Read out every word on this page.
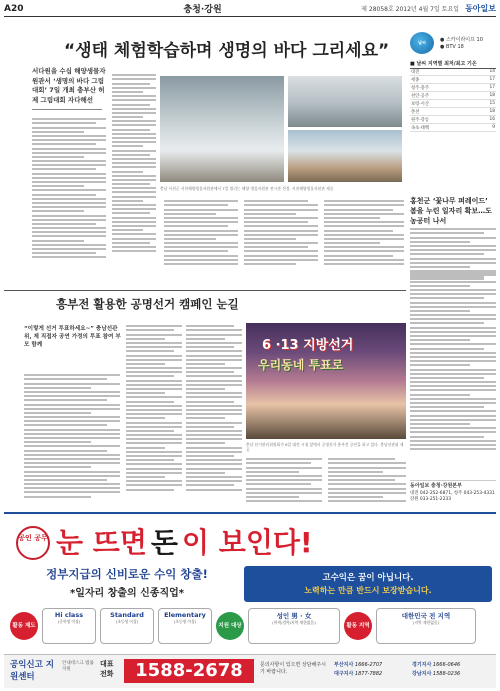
A20	충청·강원	제 28058호 2012년 4월 7일 토요일 동아일보
“생태 체험학습하며 생명의 바다 그리세요”
서다원을 수십 해양생물자원관서 ‘생명의 바다 그림대회’ 7일 개최 충부산 허제 그림대회 자다해선
충남 서천군 서천해양생물자원관에서 7일 열리는 해양 생물자원관 전시관 전경. 서천해양생물자원관 제공
날씨	● 스카이라이프 10
● BTV 18
■ 날씨 지역별 최저/최고 기온
대전	14
세종	17
청주·충주	17
천안·공주	18
보령·서산	15
춘천	18
원주·강릉	16
속초·태백	9
홍천군 ‘꽃나무 퍼레이드’ 봄을 누린 일자리 확보…도농공터 나서
흥부전 활용한 공명선거 캠페인 눈길
“이렇게 선거 투표하세요~” 충남선관위, 제 직접자 공연 가정의 투표 참여 부모 함께	6 ·13 지방선거
우리동네 투표로
충남 선거관리위원회가 6일 대전 시청 앞에서 공명선거 흥부전 공연을 하고 있다. 충남선관위 제공
동아일보 충청·강원본부
대전 042-252-6871, 청주 043-253-4331 강원 033-251-2233
공인 공무 눈 뜨면 돈 이 보인다!
정부지급의 신비로운 수익 창출!
*일자리 창출의 신종직업*
고수익은 꿈이 아닙니다.
노력하는 만큼 반드시 보장받습니다.
활동 제도
Hi class
(중학생 이상)
Standard
(초등생 이상)
Elementary
(초등생 이상)
지원 대상
성인 男 · 女
(학력/경력/지역 제한없음)	활동 지역
대한민국 전 지역
(지역 제한없음)
공익신고 지원센터
안내데스크 법률지원
대표 전화	1588-2678	문의사항이 있으면 상담해주시기 바랍니다.
부산지사 1666-2707	경기지사 1666-0646
대구지사 1877-7882	강남지사 1588-0236
